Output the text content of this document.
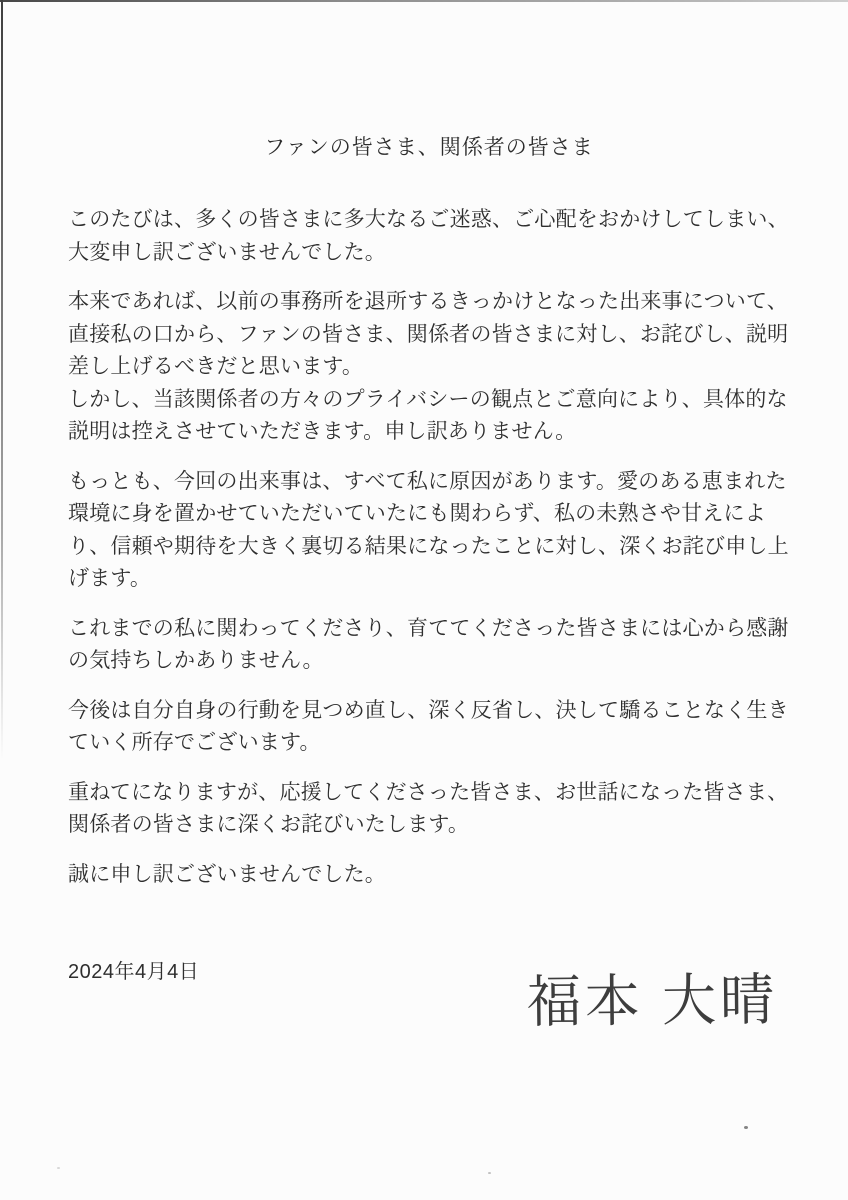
ファンの皆さま、関係者の皆さま

このたびは、多くの皆さまに多大なるご迷惑、ご心配をおかけしてしまい、
大変申し訳ございませんでした。

本来であれば、以前の事務所を退所するきっかけとなった出来事について、
直接私の口から、ファンの皆さま、関係者の皆さまに対し、お詫びし、説明
差し上げるべきだと思います。
しかし、当該関係者の方々のプライバシーの観点とご意向により、具体的な
説明は控えさせていただきます。申し訳ありません。

もっとも、今回の出来事は、すべて私に原因があります。愛のある恵まれた
環境に身を置かせていただいていたにも関わらず、私の未熟さや甘えによ
り、信頼や期待を大きく裏切る結果になったことに対し、深くお詫び申し上
げます。

これまでの私に関わってくださり、育ててくださった皆さまには心から感謝
の気持ちしかありません。

今後は自分自身の行動を見つめ直し、深く反省し、決して驕ることなく生き
ていく所存でございます。

重ねてになりますが、応援してくださった皆さま、お世話になった皆さま、
関係者の皆さまに深くお詫びいたします。

誠に申し訳ございませんでした。

2024年4月4日	福本 大晴
